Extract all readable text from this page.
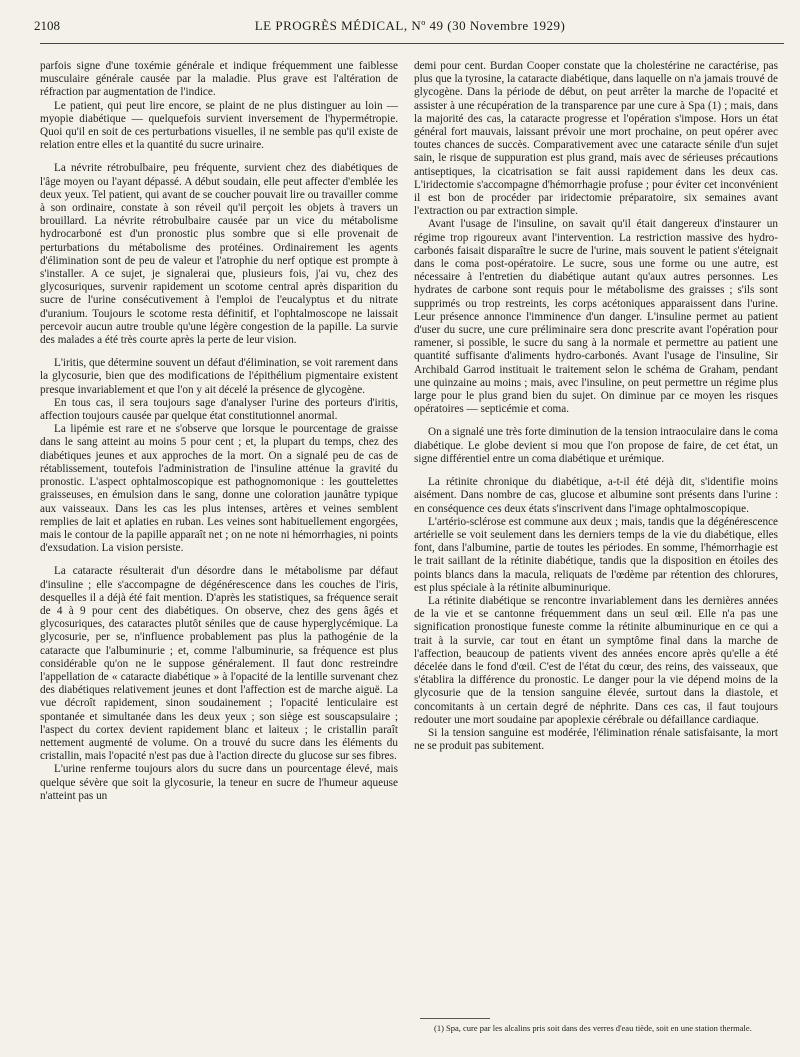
2108	LE PROGRÈS MÉDICAL, Nº 49 (30 Novembre 1929)

parfois signe d'une toxémie générale et indique fréquemment une faiblesse musculaire générale causée par la maladie. Plus grave est l'altération de réfraction par augmentation de l'indice.

Le patient, qui peut lire encore, se plaint de ne plus distinguer au loin — myopie diabétique — quelquefois survient inversement de l'hypermétropie. Quoi qu'il en soit de ces perturbations visuelles, il ne semble pas qu'il existe de relation entre elles et la quantité du sucre urinaire.

La névrite rétrobulbaire, peu fréquente, survient chez des diabétiques de l'âge moyen ou l'ayant dépassé. A début soudain, elle peut affecter d'emblée les deux yeux. Tel patient, qui avant de se coucher pouvait lire ou travailler comme à son ordinaire, constate à son réveil qu'il perçoit les objets à travers un brouillard. La névrite rétrobulbaire causée par un vice du métabolisme hydrocarboné est d'un pronostic plus sombre que si elle provenait de perturbations du métabolisme des protéines. Ordinairement les agents d'élimination sont de peu de valeur et l'atrophie du nerf optique est prompte à s'installer. A ce sujet, je signalerai que, plusieurs fois, j'ai vu, chez des glycosuriques, survenir rapidement un scotome central après disparition du sucre de l'urine consécutivement à l'emploi de l'eucalyptus et du nitrate d'uranium. Toujours le scotome resta définitif, et l'ophtalmoscope ne laissait percevoir aucun autre trouble qu'une légère congestion de la papille. La survie des malades a été très courte après la perte de leur vision.

L'iritis, que détermine souvent un défaut d'élimination, se voit rarement dans la glycosurie, bien que des modifications de l'épithélium pigmentaire existent presque invariablement et que l'on y ait décelé la présence de glycogène.

En tous cas, il sera toujours sage d'analyser l'urine des porteurs d'iritis, affection toujours causée par quelque état constitutionnel anormal.

La lipémie est rare et ne s'observe que lorsque le pourcentage de graisse dans le sang atteint au moins 5 pour cent ; et, la plupart du temps, chez des diabétiques jeunes et aux approches de la mort. On a signalé peu de cas de rétablissement, toutefois l'administration de l'insuline atténue la gravité du pronostic. L'aspect ophtalmoscopique est pathognomonique : les gouttelettes graisseuses, en émulsion dans le sang, donne une coloration jaunâtre typique aux vaisseaux. Dans les cas les plus intenses, artères et veines semblent remplies de lait et aplaties en ruban. Les veines sont habituellement engorgées, mais le contour de la papille apparaît net ; on ne note ni hémorrhagies, ni points d'exsudation. La vision persiste.

La cataracte résulterait d'un désordre dans le métabolisme par défaut d'insuline ; elle s'accompagne de dégénérescence dans les couches de l'iris, desquelles il a déjà été fait mention. D'après les statistiques, sa fréquence serait de 4 à 9 pour cent des diabétiques. On observe, chez des gens âgés et glycosuriques, des cataractes plutôt séniles que de cause hyperglycémique. La glycosurie, per se, n'influence probablement pas plus la pathogénie de la cataracte que l'albuminurie ; et, comme l'albuminurie, sa fréquence est plus considérable qu'on ne le suppose généralement. Il faut donc restreindre l'appellation de « cataracte diabétique » à l'opacité de la lentille survenant chez des diabétiques relativement jeunes et dont l'affection est de marche aiguë. La vue décroît rapidement, sinon soudainement ; l'opacité lenticulaire est spontanée et simultanée dans les deux yeux ; son siège est souscapsulaire ; l'aspect du cortex devient rapidement blanc et laiteux ; le cristallin paraît nettement augmenté de volume. On a trouvé du sucre dans les éléments du cristallin, mais l'opacité n'est pas due à l'action directe du glucose sur ses fibres.

L'urine renferme toujours alors du sucre dans un pourcentage élevé, mais quelque sévère que soit la glycosurie, la teneur en sucre de l'humeur aqueuse n'atteint pas un

demi pour cent. Burdan Cooper constate que la cholestérine ne caractérise, pas plus que la tyrosine, la cataracte diabétique, dans laquelle on n'a jamais trouvé de glycogène. Dans la période de début, on peut arrêter la marche de l'opacité et assister à une récupération de la transparence par une cure à Spa (1) ; mais, dans la majorité des cas, la cataracte progresse et l'opération s'impose. Hors un état général fort mauvais, laissant prévoir une mort prochaine, on peut opérer avec toutes chances de succès. Comparativement avec une cataracte sénile d'un sujet sain, le risque de suppuration est plus grand, mais avec de sérieuses précautions antiseptiques, la cicatrisation se fait aussi rapidement dans les deux cas. L'iridectomie s'accompagne d'hémorrhagie profuse ; pour éviter cet inconvénient il est bon de procéder par iridectomie préparatoire, six semaines avant l'extraction ou par extraction simple.

Avant l'usage de l'insuline, on savait qu'il était dangereux d'instaurer un régime trop rigoureux avant l'intervention. La restriction massive des hydro-carbonés faisait disparaître le sucre de l'urine, mais souvent le patient s'éteignait dans le coma post-opératoire. Le sucre, sous une forme ou une autre, est nécessaire à l'entretien du diabétique autant qu'aux autres personnes. Les hydrates de carbone sont requis pour le métabolisme des graisses ; s'ils sont supprimés ou trop restreints, les corps acétoniques apparaissent dans l'urine. Leur présence annonce l'imminence d'un danger. L'insuline permet au patient d'user du sucre, une cure préliminaire sera donc prescrite avant l'opération pour ramener, si possible, le sucre du sang à la normale et permettre au patient une quantité suffisante d'aliments hydro-carbonés. Avant l'usage de l'insuline, Sir Archibald Garrod instituait le traitement selon le schéma de Graham, pendant une quinzaine au moins ; mais, avec l'insuline, on peut permettre un régime plus large pour le plus grand bien du sujet. On diminue par ce moyen les risques opératoires — septicémie et coma.

On a signalé une très forte diminution de la tension intraoculaire dans le coma diabétique. Le globe devient si mou que l'on propose de faire, de cet état, un signe différentiel entre un coma diabétique et urémique.

La rétinite chronique du diabétique, a-t-il été déjà dit, s'identifie moins aisément. Dans nombre de cas, glucose et albumine sont présents dans l'urine : en conséquence ces deux états s'inscrivent dans l'image ophtalmoscopique.

L'artério-sclérose est commune aux deux ; mais, tandis que la dégénérescence artérielle se voit seulement dans les derniers temps de la vie du diabétique, elles font, dans l'albumine, partie de toutes les périodes. En somme, l'hémorrhagie est le trait saillant de la rétinite diabétique, tandis que la disposition en étoiles des points blancs dans la macula, reliquats de l'œdème par rétention des chlorures, est plus spéciale à la rétinite albuminurique.

La rétinite diabétique se rencontre invariablement dans les dernières années de la vie et se cantonne fréquemment dans un seul œil. Elle n'a pas une signification pronostique funeste comme la rétinite albuminurique en ce qui a trait à la survie, car tout en étant un symptôme final dans la marche de l'affection, beaucoup de patients vivent des années encore après qu'elle a été décelée dans le fond d'œil. C'est de l'état du cœur, des reins, des vaisseaux, que s'établira la différence du pronostic. Le danger pour la vie dépend moins de la glycosurie que de la tension sanguine élevée, surtout dans la diastole, et concomitants à un certain degré de néphrite. Dans ces cas, il faut toujours redouter une mort soudaine par apoplexie cérébrale ou défaillance cardiaque.

Si la tension sanguine est modérée, l'élimination rénale satisfaisante, la mort ne se produit pas subitement.

(1) Spa, cure par les alcalins pris soit dans des verres d'eau tiède, soit en une station thermale.
